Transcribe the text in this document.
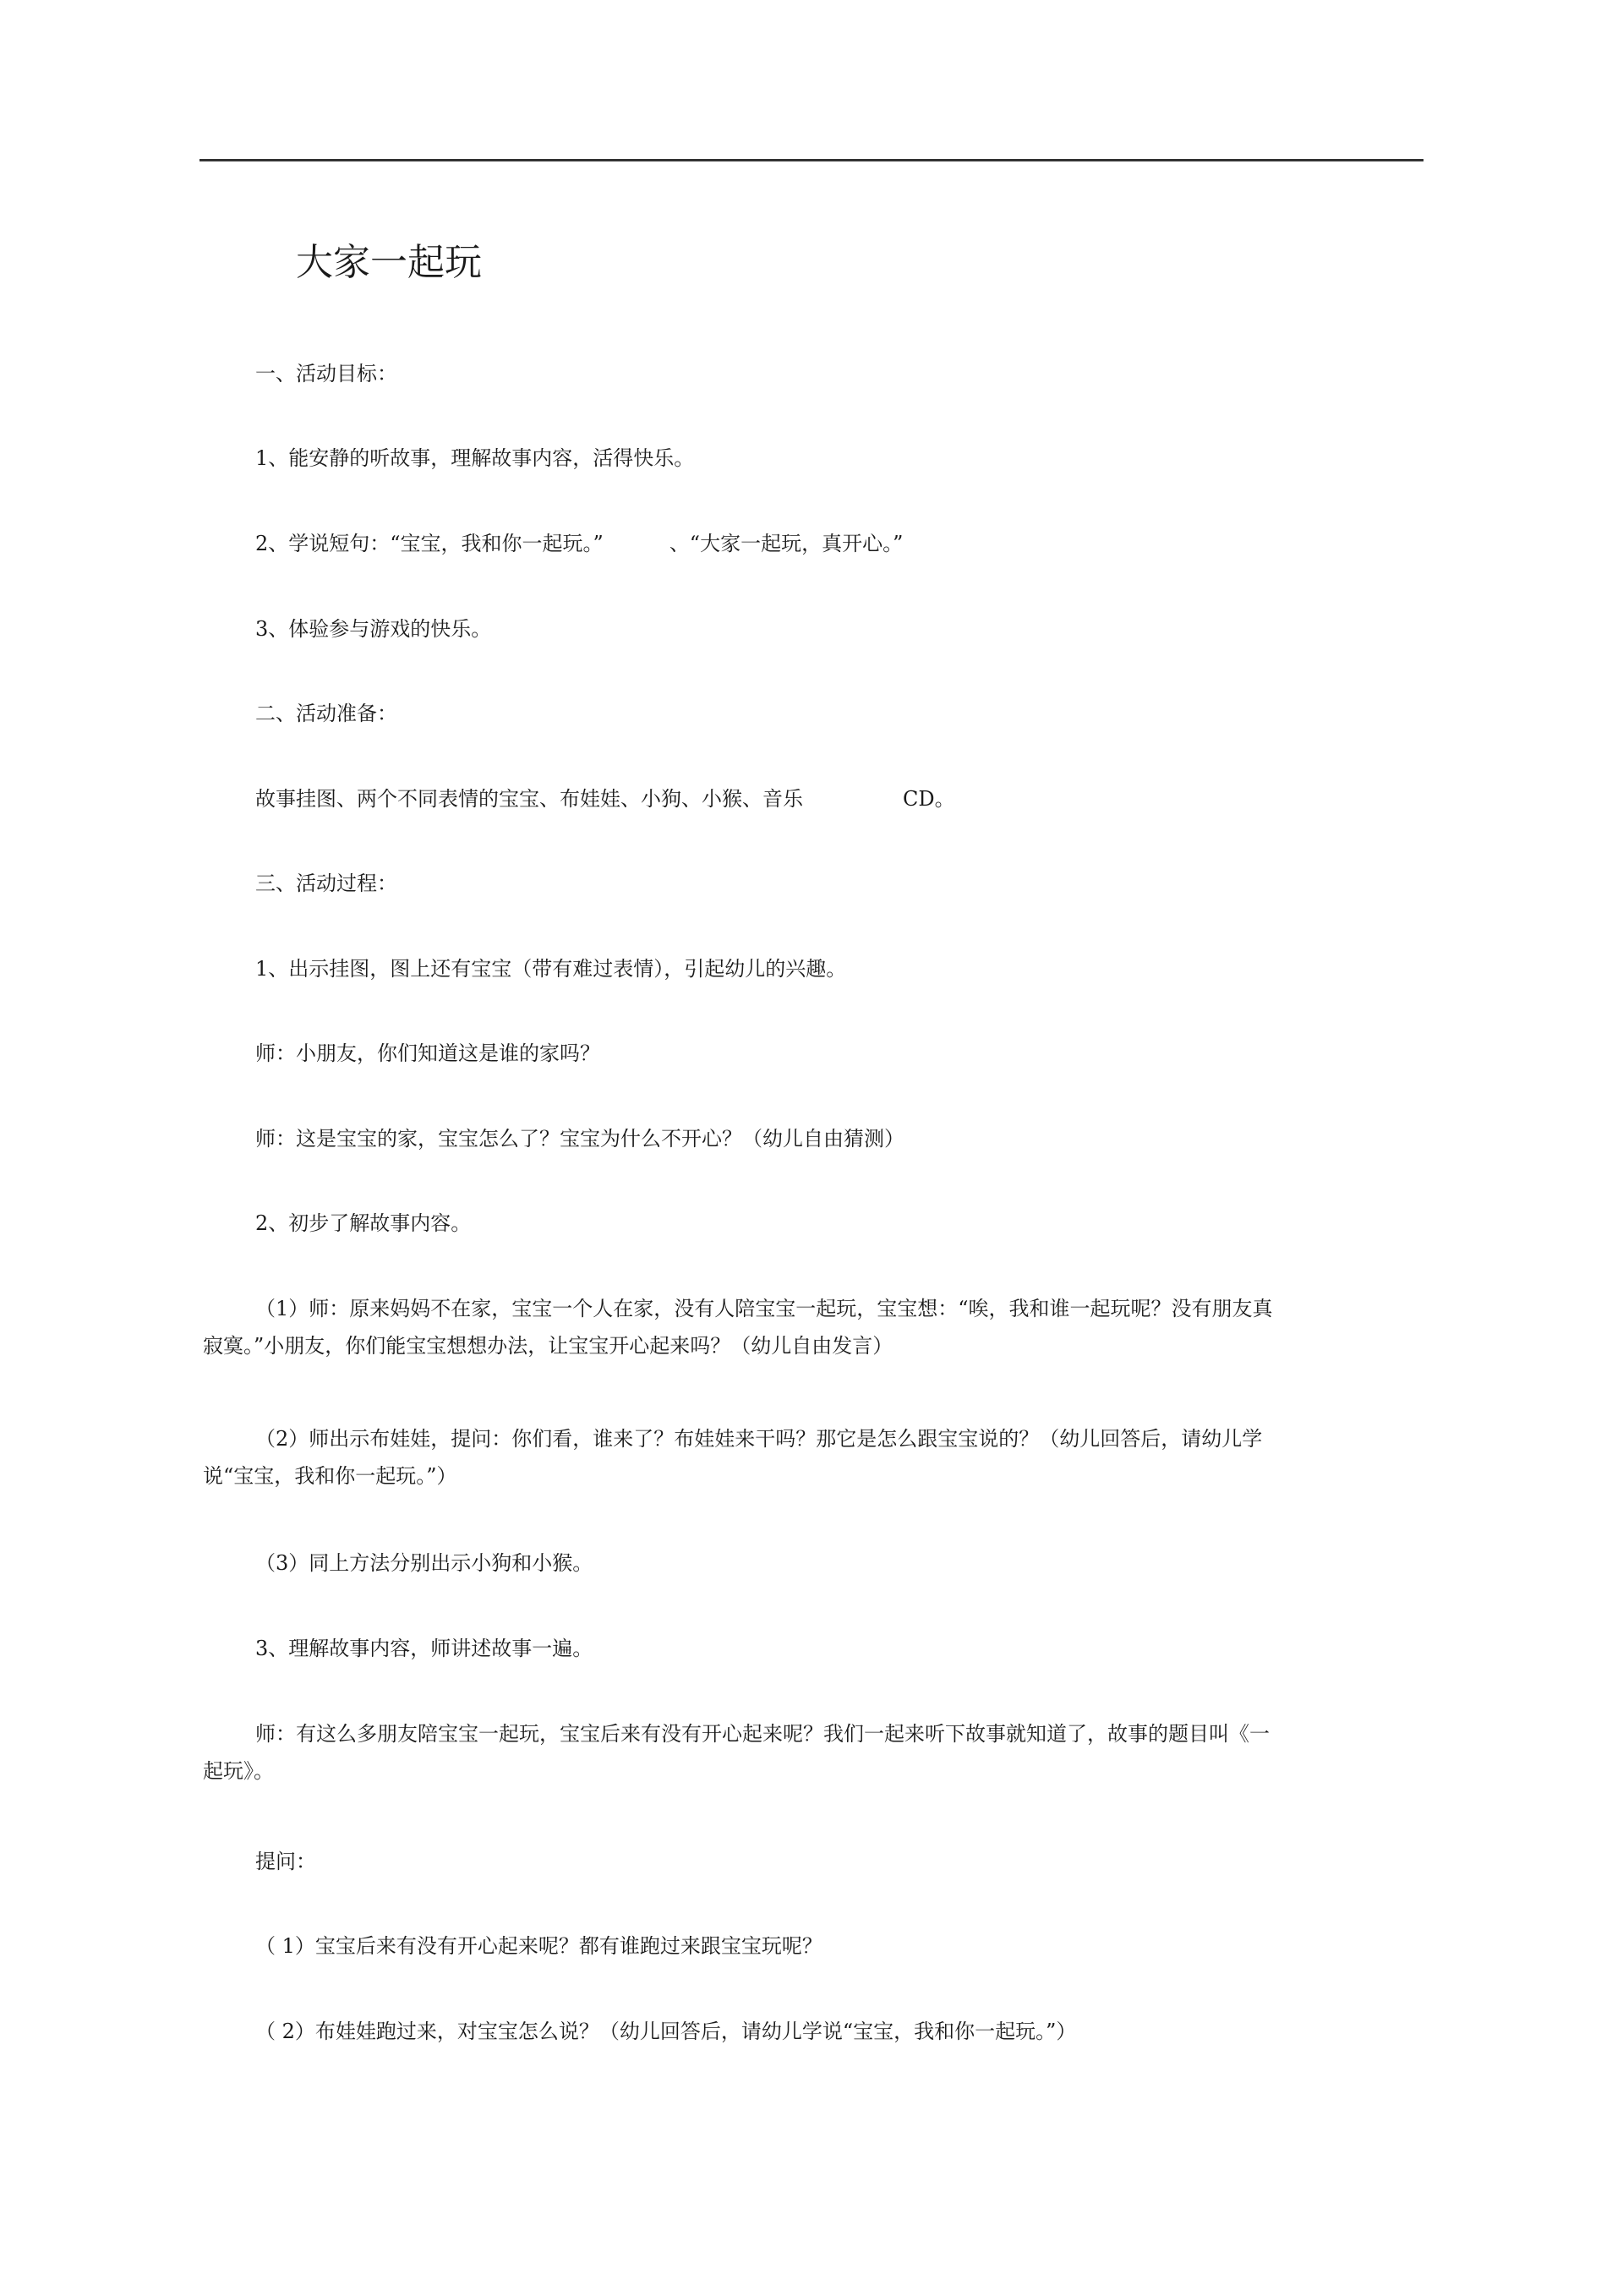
大家一起玩

一、活动目标：

1、能安静的听故事，理解故事内容，活得快乐。

2、学说短句：“宝宝，我和你一起玩。”	、“大家一起玩，真开心。”

3、体验参与游戏的快乐。

二、活动准备：

故事挂图、两个不同表情的宝宝、布娃娃、小狗、小猴、音乐	CD。

三、活动过程：

1、出示挂图，图上还有宝宝（带有难过表情），引起幼儿的兴趣。

师：小朋友，你们知道这是谁的家吗？

师：这是宝宝的家，宝宝怎么了？宝宝为什么不开心？（幼儿自由猜测）

2、初步了解故事内容。

（1）师：原来妈妈不在家，宝宝一个人在家，没有人陪宝宝一起玩，宝宝想：“唉，我和谁一起玩呢？没有朋友真寂寞。”小朋友，你们能宝宝想想办法，让宝宝开心起来吗？（幼儿自由发言）

（2）师出示布娃娃，提问：你们看，谁来了？布娃娃来干吗？那它是怎么跟宝宝说的？（幼儿回答后，请幼儿学说“宝宝，我和你一起玩。”）

（3）同上方法分别出示小狗和小猴。

3、理解故事内容，师讲述故事一遍。

师：有这么多朋友陪宝宝一起玩，宝宝后来有没有开心起来呢？我们一起来听下故事就知道了，故事的题目叫《一起玩》。

提问：

（ 1）宝宝后来有没有开心起来呢？都有谁跑过来跟宝宝玩呢？

（ 2）布娃娃跑过来，对宝宝怎么说？（幼儿回答后，请幼儿学说“宝宝，我和你一起玩。”）
